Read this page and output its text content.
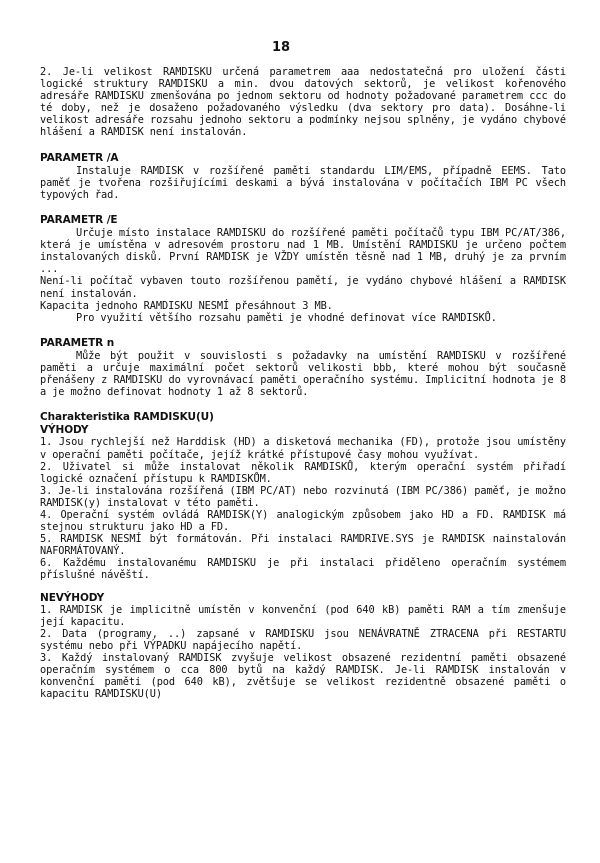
18

2. Je-li velikost RAMDISKU určená parametrem aaa nedostatečná pro uložení části logické struktury RAMDISKU a min. dvou datových sektorů, je velikost kořenového adresáře RAMDISKU zmenšována po jednom sektoru od hodnoty požadované parametrem ccc do té doby, než je dosaženo požadovaného výsledku (dva sektory pro data). Dosáhne-li velikost adresáře rozsahu jednoho sektoru a podmínky nejsou splněny, je vydáno chybové hlášení a RAMDISK není instalován.

PARAMETR /A

Instaluje RAMDISK v rozšířené paměti standardu LIM/EMS, případně EEMS. Tato paměť je tvořena rozšiřujícími deskami a bývá instalována v počítačích IBM PC všech typových řad.

PARAMETR /E

Určuje místo instalace RAMDISKU do rozšířené paměti počítačů typu IBM PC/AT/386, která je umístěna v adresovém prostoru nad 1 MB. Umístění RAMDISKU je určeno počtem instalovaných disků. První RAMDISK je VŽDY umístěn těsně nad 1 MB, druhý je za prvním ...

Není-li počítač vybaven touto rozšířenou pamětí, je vydáno chybové hlášení a RAMDISK není instalován.

Kapacita jednoho RAMDISKU NESMÍ přesáhnout 3 MB.

Pro využití většího rozsahu paměti je vhodné definovat více RAMDISKŮ.

PARAMETR n

Může být použit v souvislosti s požadavky na umístění RAMDISKU v rozšířené paměti a určuje maximální počet sektorů velikosti bbb, které mohou být současně přenášeny z RAMDISKU do vyrovnávací paměti operačního systému. Implicitní hodnota je 8 a je možno definovat hodnoty 1 až 8 sektorů.

Charakteristika RAMDISKU(U)
VÝHODY

1. Jsou rychlejší než Harddisk (HD) a disketová mechanika (FD), protože jsou umístěny v operační paměti počítače, jejíž krátké přístupové časy mohou využívat.

2. Uživatel si může instalovat několik RAMDISKŮ, kterým operační systém přiřadí logické označení přístupu k RAMDISKŮM.

3. Je-li instalována rozšířená (IBM PC/AT) nebo rozvinutá (IBM PC/386) paměť, je možno RAMDISK(y) instalovat v této paměti.

4. Operační systém ovládá RAMDISK(Y) analogickým způsobem jako HD a FD. RAMDISK má stejnou strukturu jako HD a FD.

5. RAMDISK NESMÍ být formátován. Při instalaci RAMDRIVE.SYS je RAMDISK nainstalován NAFORMÁTOVANÝ.

6. Každému instalovanému RAMDISKU je při instalaci přiděleno operačním systémem příslušné návěští.

NEVÝHODY

1. RAMDISK je implicitně umístěn v konvenční (pod 640 kB) paměti RAM a tím zmenšuje její kapacitu.

2. Data (programy, ..) zapsané v RAMDISKU jsou NENÁVRATNĚ ZTRACENA při RESTARTU systému nebo při VÝPADKU napájecího napětí.

3. Každý instalovaný RAMDISK zvyšuje velikost obsazené rezidentní paměti obsazené operačním systémem o cca 800 bytů na každý RAMDISK. Je-li RAMDISK instalován v konvenční paměti (pod 640 kB), zvětšuje se velikost rezidentně obsazené paměti o kapacitu RAMDISKU(U)
